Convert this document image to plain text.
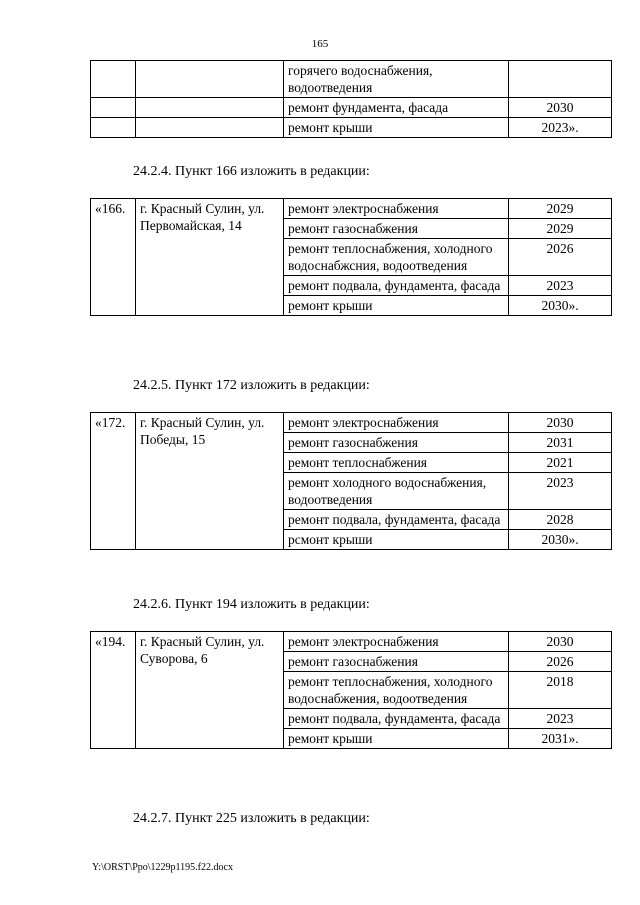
165
		горячего водоснабжения, водоотведения	
		ремонт фундамента, фасада	2030
		ремонт крыши	2023».
24.2.4. Пункт 166 изложить в редакции:
«166.	г. Красный Сулин, ул. Первомайская, 14	ремонт электроснабжения	2029
		ремонт газоснабжения	2029
		ремонт теплоснабжения, холодного водоснабжсния, водоотведения	2026
		ремонт подвала, фундамента, фасада	2023
		ремонт крыши	2030».
24.2.5. Пункт 172 изложить в редакции:
«172.	г. Красный Сулин, ул. Победы, 15	ремонт электроснабжения	2030
		ремонт газоснабжения	2031
		ремонт теплоснабжения	2021
		ремонт холодного водоснабжения, водоотведения	2023
		ремонт подвала, фундамента, фасада	2028
		рсмонт крыши	2030».
24.2.6. Пункт 194 изложить в редакции:
«194.	г. Красный Сулин, ул. Суворова, 6	ремонт электроснабжения	2030
		ремонт газоснабжения	2026
		ремонт теплоснабжения, холодного водоснабжения, водоотведения	2018
		ремонт подвала, фундамента, фасада	2023
		ремонт крыши	2031».
24.2.7. Пункт 225 изложить в редакции:
Y:\ORST\Ppo\1229p1195.f22.docx
